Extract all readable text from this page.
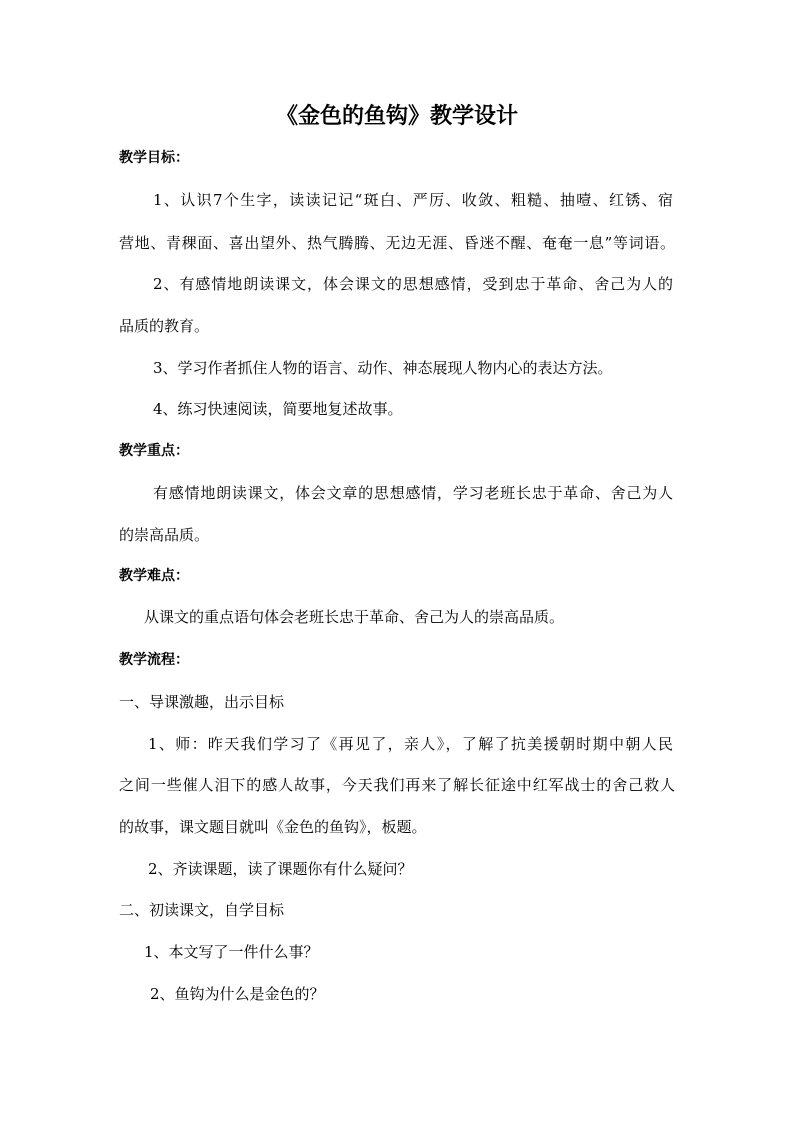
《金色的鱼钩》教学设计
教学目标：
1、认识7个生字，读读记记“斑白、严厉、收敛、粗糙、抽噎、红锈、宿
营地、青稞面、喜出望外、热气腾腾、无边无涯、昏迷不醒、奄奄一息”等词语。
2、有感情地朗读课文，体会课文的思想感情，受到忠于革命、舍己为人的
品质的教育。
3、学习作者抓住人物的语言、动作、神态展现人物内心的表达方法。
4、练习快速阅读，简要地复述故事。
教学重点：
有感情地朗读课文，体会文章的思想感情，学习老班长忠于革命、舍己为人
的崇高品质。
教学难点：
从课文的重点语句体会老班长忠于革命、舍己为人的崇高品质。
教学流程：
一、导课激趣，出示目标
1、师：昨天我们学习了《再见了，亲人》，了解了抗美援朝时期中朝人民
之间一些催人泪下的感人故事，今天我们再来了解长征途中红军战士的舍己救人
的故事，课文题目就叫《金色的鱼钩》，板题。
2、齐读课题，读了课题你有什么疑问？
二、初读课文，自学目标
1、本文写了一件什么事？
2、鱼钩为什么是金色的？
